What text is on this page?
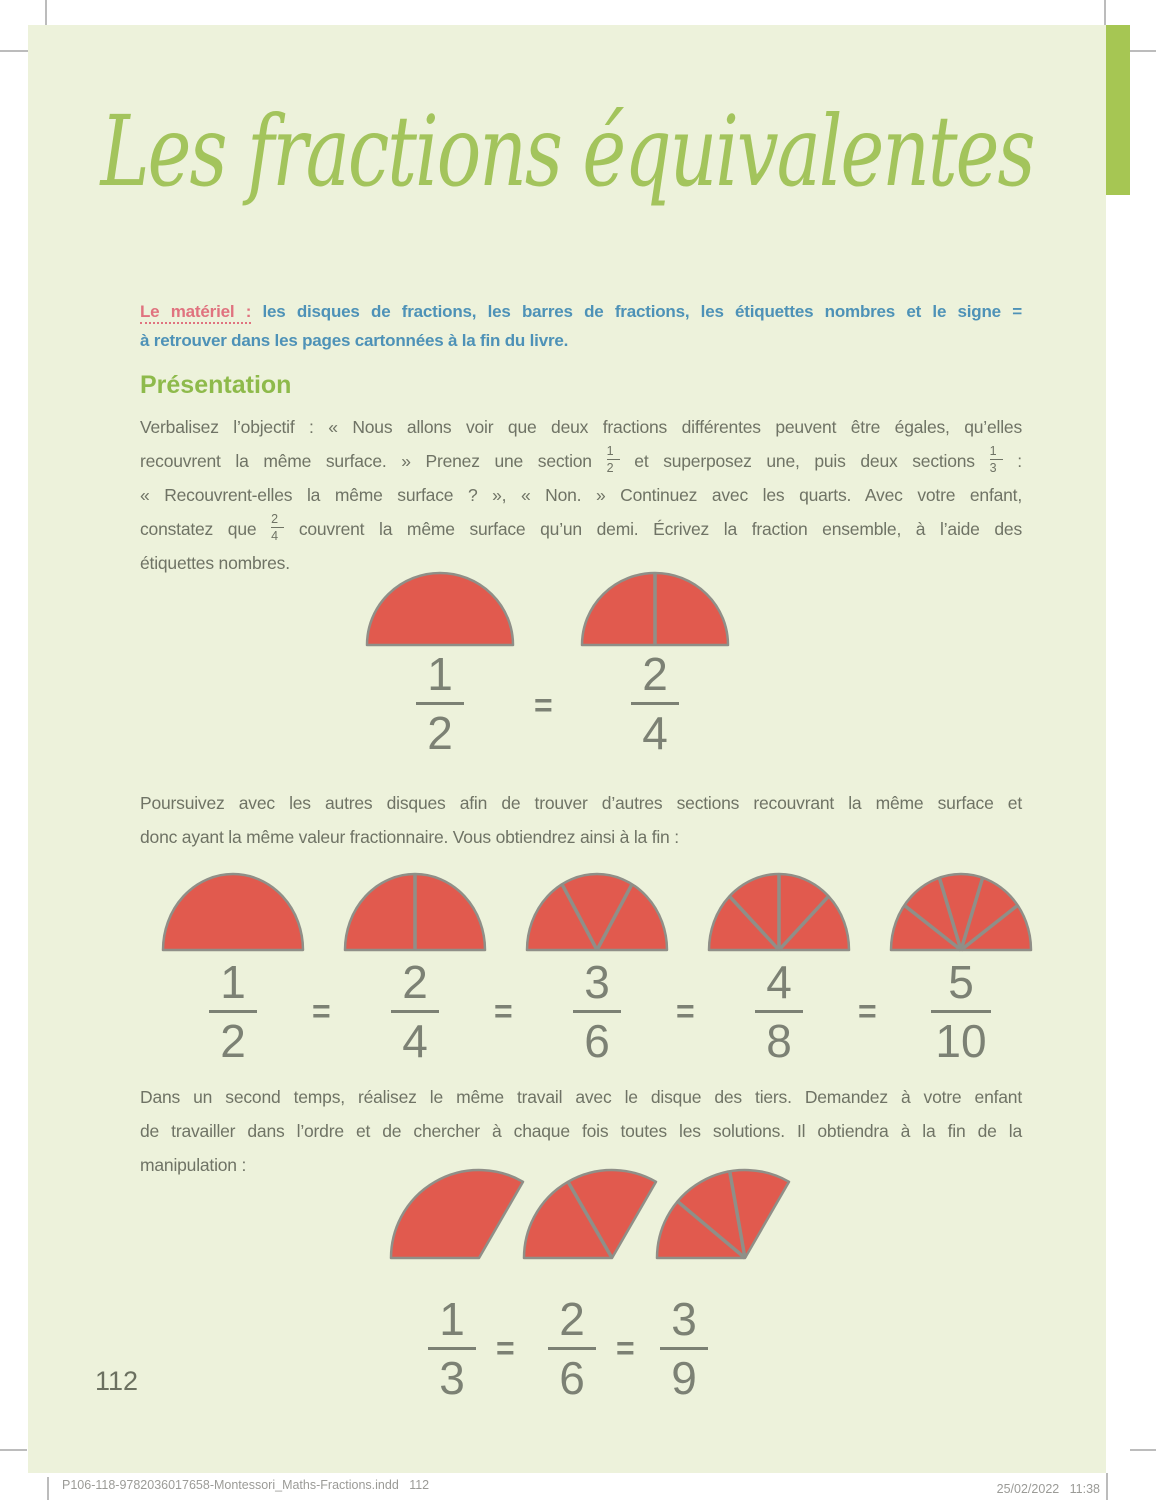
Les fractions équivalentes
Le matériel : les disques de fractions, les barres de fractions, les étiquettes nombres et le signe =
à retrouver dans les pages cartonnées à la fin du livre.
Présentation
Verbalisez l’objectif : « Nous allons voir que deux fractions différentes peuvent être égales, qu’elles
recouvrent la même surface. » Prenez une section $\frac{1}{2}$ et superposez une, puis deux sections $\frac{1}{3}$ :
« Recouvrent-elles la même surface ? », « Non. » Continuez avec les quarts. Avec votre enfant,
constatez que $\frac{2}{4}$ couvrent la même surface qu’un demi. Écrivez la fraction ensemble, à l’aide des
étiquettes nombres.
1
2
=
2
4
Poursuivez avec les autres disques afin de trouver d’autres sections recouvrant la même surface et
donc ayant la même valeur fractionnaire. Vous obtiendrez ainsi à la fin :
1
2
=
2
4
=
3
6
=
4
8
=
5
10
Dans un second temps, réalisez le même travail avec le disque des tiers. Demandez à votre enfant
de travailler dans l’ordre et de chercher à chaque fois toutes les solutions. Il obtiendra à la fin de la
manipulation :
1
3
=
2
6
=
3
9
112
P106-118-9782036017658-Montessori_Maths-Fractions.indd   112	25/02/2022   11:38
